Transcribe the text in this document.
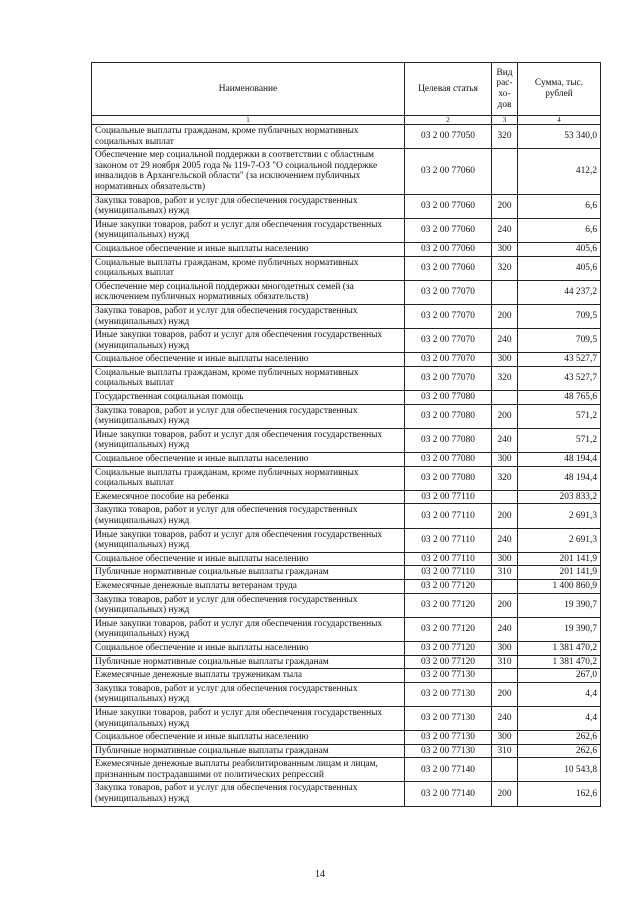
Наименование	Целевая статья	Вид рас- хо- дов	Сумма, тыс. рублей
1	2	3	4
Социальные выплаты гражданам, кроме публичных нормативных социальных выплат	03 2 00 77050	320	53 340,0
Обеспечение мер социальной поддержки в соответствии с областным законом от 29 ноября 2005 года № 119-7-ОЗ "О социальной поддержке инвалидов в Архангельской области" (за исключением публичных нормативных обязательств)	03 2 00 77060		412,2
Закупка товаров, работ и услуг для обеспечения государственных (муниципальных) нужд	03 2 00 77060	200	6,6
Иные закупки товаров, работ и услуг для обеспечения государственных (муниципальных) нужд	03 2 00 77060	240	6,6
Социальное обеспечение и иные выплаты населению	03 2 00 77060	300	405,6
Социальные выплаты гражданам, кроме публичных нормативных социальных выплат	03 2 00 77060	320	405,6
Обеспечение мер социальной поддержки многодетных семей (за исключением публичных нормативных обязательств)	03 2 00 77070		44 237,2
Закупка товаров, работ и услуг для обеспечения государственных (муниципальных) нужд	03 2 00 77070	200	709,5
Иные закупки товаров, работ и услуг для обеспечения государственных (муниципальных) нужд	03 2 00 77070	240	709,5
Социальное обеспечение и иные выплаты населению	03 2 00 77070	300	43 527,7
Социальные выплаты гражданам, кроме публичных нормативных социальных выплат	03 2 00 77070	320	43 527,7
Государственная социальная помощь	03 2 00 77080		48 765,6
Закупка товаров, работ и услуг для обеспечения государственных (муниципальных) нужд	03 2 00 77080	200	571,2
Иные закупки товаров, работ и услуг для обеспечения государственных (муниципальных) нужд	03 2 00 77080	240	571,2
Социальное обеспечение и иные выплаты населению	03 2 00 77080	300	48 194,4
Социальные выплаты гражданам, кроме публичных нормативных социальных выплат	03 2 00 77080	320	48 194,4
Ежемесячное пособие на ребенка	03 2 00 77110		203 833,2
Закупка товаров, работ и услуг для обеспечения государственных (муниципальных) нужд	03 2 00 77110	200	2 691,3
Иные закупки товаров, работ и услуг для обеспечения государственных (муниципальных) нужд	03 2 00 77110	240	2 691,3
Социальное обеспечение и иные выплаты населению	03 2 00 77110	300	201 141,9
Публичные нормативные социальные выплаты гражданам	03 2 00 77110	310	201 141,9
Ежемесячные денежные выплаты ветеранам труда	03 2 00 77120		1 400 860,9
Закупка товаров, работ и услуг для обеспечения государственных (муниципальных) нужд	03 2 00 77120	200	19 390,7
Иные закупки товаров, работ и услуг для обеспечения государственных (муниципальных) нужд	03 2 00 77120	240	19 390,7
Социальное обеспечение и иные выплаты населению	03 2 00 77120	300	1 381 470,2
Публичные нормативные социальные выплаты гражданам	03 2 00 77120	310	1 381 470,2
Ежемесячные денежные выплаты труженикам тыла	03 2 00 77130		267,0
Закупка товаров, работ и услуг для обеспечения государственных (муниципальных) нужд	03 2 00 77130	200	4,4
Иные закупки товаров, работ и услуг для обеспечения государственных (муниципальных) нужд	03 2 00 77130	240	4,4
Социальное обеспечение и иные выплаты населению	03 2 00 77130	300	262,6
Публичные нормативные социальные выплаты гражданам	03 2 00 77130	310	262,6
Ежемесячные денежные выплаты реабилитированным лицам и лицам, признанным пострадавшими от политических репрессий	03 2 00 77140		10 543,8
Закупка товаров, работ и услуг для обеспечения государственных (муниципальных) нужд	03 2 00 77140	200	162,6
14
